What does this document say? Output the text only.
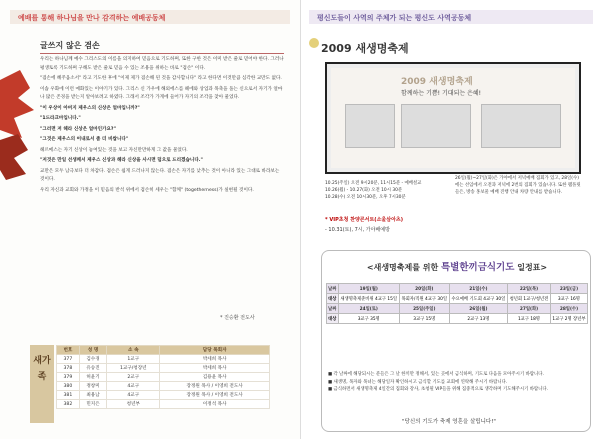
예배를 통해 하나님을 만나 감격하는 예배공동체
글쓰지 않은 겸손

우리는 하나님께 예수 그리스도의 이름을 의지하여 믿음으로 기도하며, 또한 구한 것은 이미 받은 줄로 믿어야 한다. 그러나 평생토록 기도하며 구해도 받은 줄로 믿음 수 있는 조용을 위하는 바로 "겸손" 이다.

"겸손에 혜주옵소서" 라고 기도한 후에 "이제 제가 겸손해 된 것을 감사합니다" 라고 한다면 이것만큼 심각한 교만도 없다.

이솝 우화에 이런 예화있는 이야기가 있다. 그리스 신 가우에 해외에스를 헤에와 상업과 목축을 돌는 신으로서 자기가 얼마나 많은 존경을 받는지 알아보려고 하였다. 그래서 조각가 가게에 들어가 자기의 조각을 찾아 물었다.

"이 우상이 아버지 제우스의 신상은 얼마입니까?"

"1드라크마입니다."

"그러면 저 헤라 신상은 얼마인가요?"

"그것은 제우스의 어내로서 좀 더 비쌉니다"

헤르메스는 자기 신상이 놓여있는 것을 보고 자신만만하게 그 값을 물었다.

"저것은 만일 선생께서 제우스 신상과 헤라 신상을 사시면 덤으로 드리겠습니다."

교만은 모두 남극보다 더 차갑다. 겸손은 쉽게 드러나지 않는다. 겸손은 자기를 낮추는 것이 아니라 있는 그대로 바라보는 것이다.

우리 자신과 교회와 가정을 이 믿음의 반석 위에서 겸손히 세우는 "함께" (togetherness)가 실현될 것이다.

* 진승환 전도사
새가족
번호	성 명	소 속	담당 목회자
377	김수경	1교구	박세희 목사
378	유승진	1교구/청장년	박세희 목사
379	허윤기	2교구	김용윤 목사
380	정창미	4교구	장정원 목사 / 이영희 전도사
381	최용남	4교구	장정원 목사 / 이영희 전도사
382	민지은	청년부	이정석 목사
평신도들이 사역의 주체가 되는 평신도 사역공동체
2009 새생명축제
2009 새생명축제
함께하는 기쁨! 기대되는 은혜!
10.25(주일) 오전 9시20분, 11시15분 - 예배설교
10.26(월) - 10.27(화) 오전 10시 30분
10.28(수) 오전 10시30분, 오후 7시30분
* VIP초청 찬양콘서트(소울삼아츠)
- 10.31(토), 7시, 가야배예방
26일(월)~27일(화)은 가야에서 저녁예배 집회가 있고, 28일(수)에는 선임에서 오전과 저녁에 2번의 집회가 있습니다. 또한 팸플릿들은, 방송 홍보물 예배 진행 안내 차량 안내를 받습니다.
<새생명축제를 위한 특별한끼금식기도 일정표>
날짜	19일(월)	20일(화)	21일(수)	22일(목)	23일(금)
대상	새생명축제준비위 4교구 15일	목회자/직원 4교구 30일	수요예배 기도회 4교구 30일	청년회 1교구/청년전	3교구 16명
날짜	24일(토)	25일(주일)	26일(월)	27일(화)	28일(수)
대상	3교구 35명	3교구 15명	2교구 13명	1교구 18명	1교구 2명 장년부
■ 각 날짜에 해당되시는 분들은 그 날 한끼만 정해서, 있는 곳에서 금식하며, 기도로 다음을 모아주시기 바랍니다.
■ 새생명, 목자와 목녀는 해당일자 확인하시고 금식할 기도를 교회에 연락해 주시기 바랍니다.
■ 금식하면서 새생명축제 4일간의 집회와 강사, 초청될 VIP들을 위해 집중적으로 생각하며 기도해주시기 바랍니다.
"당신의 기도가 축제 영혼을 살립니다!"
